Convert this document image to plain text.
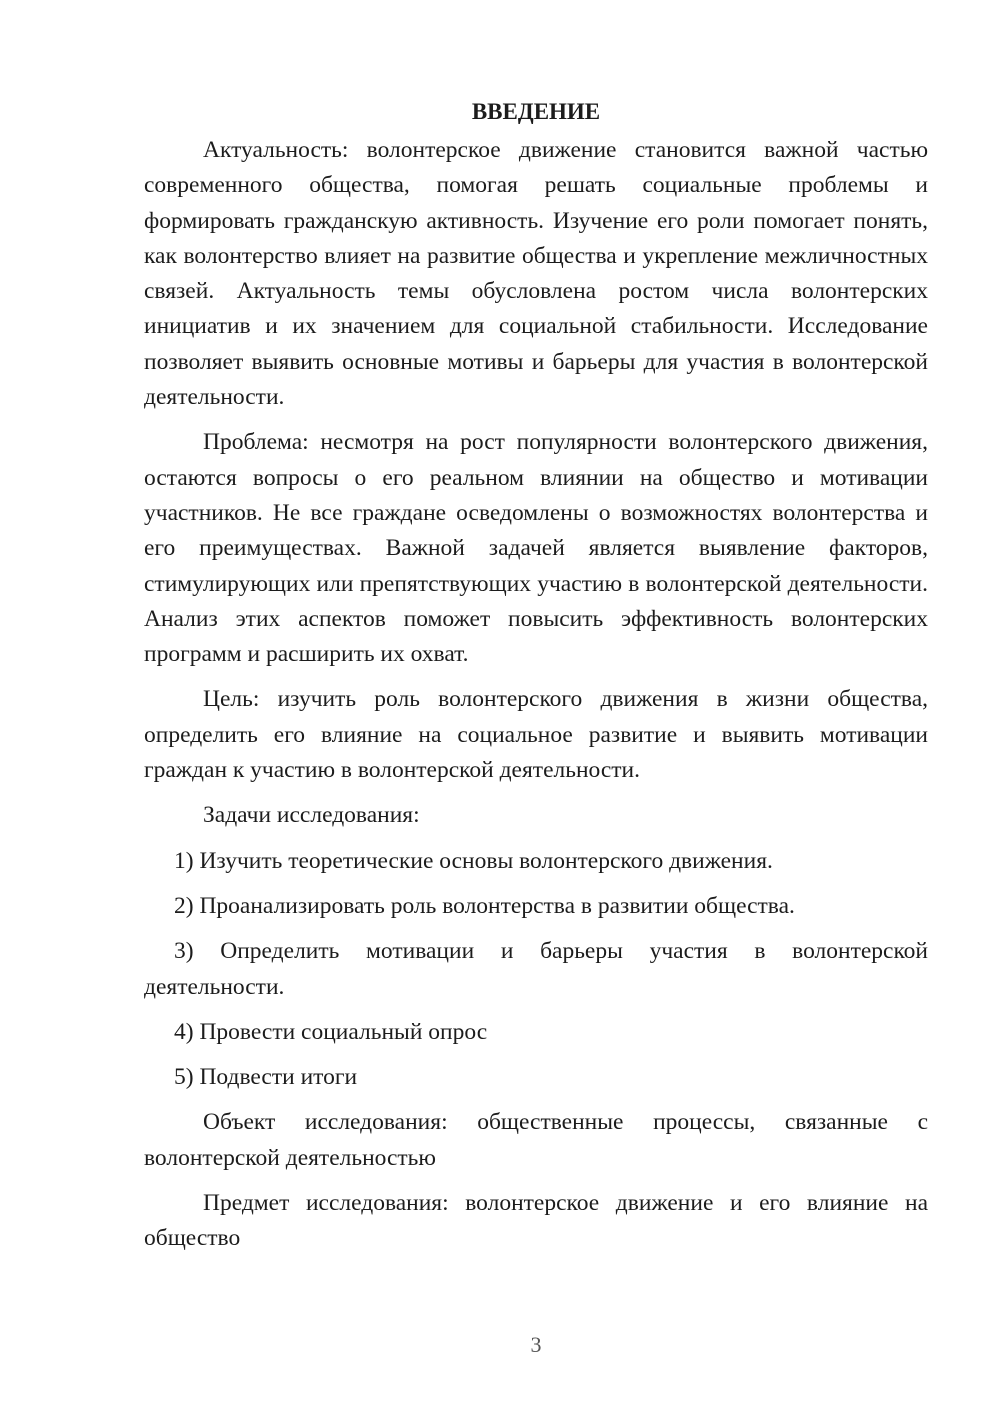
ВВЕДЕНИЕ

Актуальность: волонтерское движение становится важной частью современного общества, помогая решать социальные проблемы и формировать гражданскую активность. Изучение его роли помогает понять, как волонтерство влияет на развитие общества и укрепление межличностных связей. Актуальность темы обусловлена ростом числа волонтерских инициатив и их значением для социальной стабильности. Исследование позволяет выявить основные мотивы и барьеры для участия в волонтерской деятельности.

Проблема: несмотря на рост популярности волонтерского движения, остаются вопросы о его реальном влиянии на общество и мотивации участников. Не все граждане осведомлены о возможностях волонтерства и его преимуществах. Важной задачей является выявление факторов, стимулирующих или препятствующих участию в волонтерской деятельности. Анализ этих аспектов поможет повысить эффективность волонтерских программ и расширить их охват.

Цель: изучить роль волонтерского движения в жизни общества, определить его влияние на социальное развитие и выявить мотивации граждан к участию в волонтерской деятельности.

Задачи исследования:

1) Изучить теоретические основы волонтерского движения.

2) Проанализировать роль волонтерства в развитии общества.

3) Определить мотивации и барьеры участия в волонтерской деятельности.

4) Провести социальный опрос

5) Подвести итоги

Объект исследования: общественные процессы, связанные с волонтерской деятельностью

Предмет исследования: волонтерское движение и его влияние на общество

3
